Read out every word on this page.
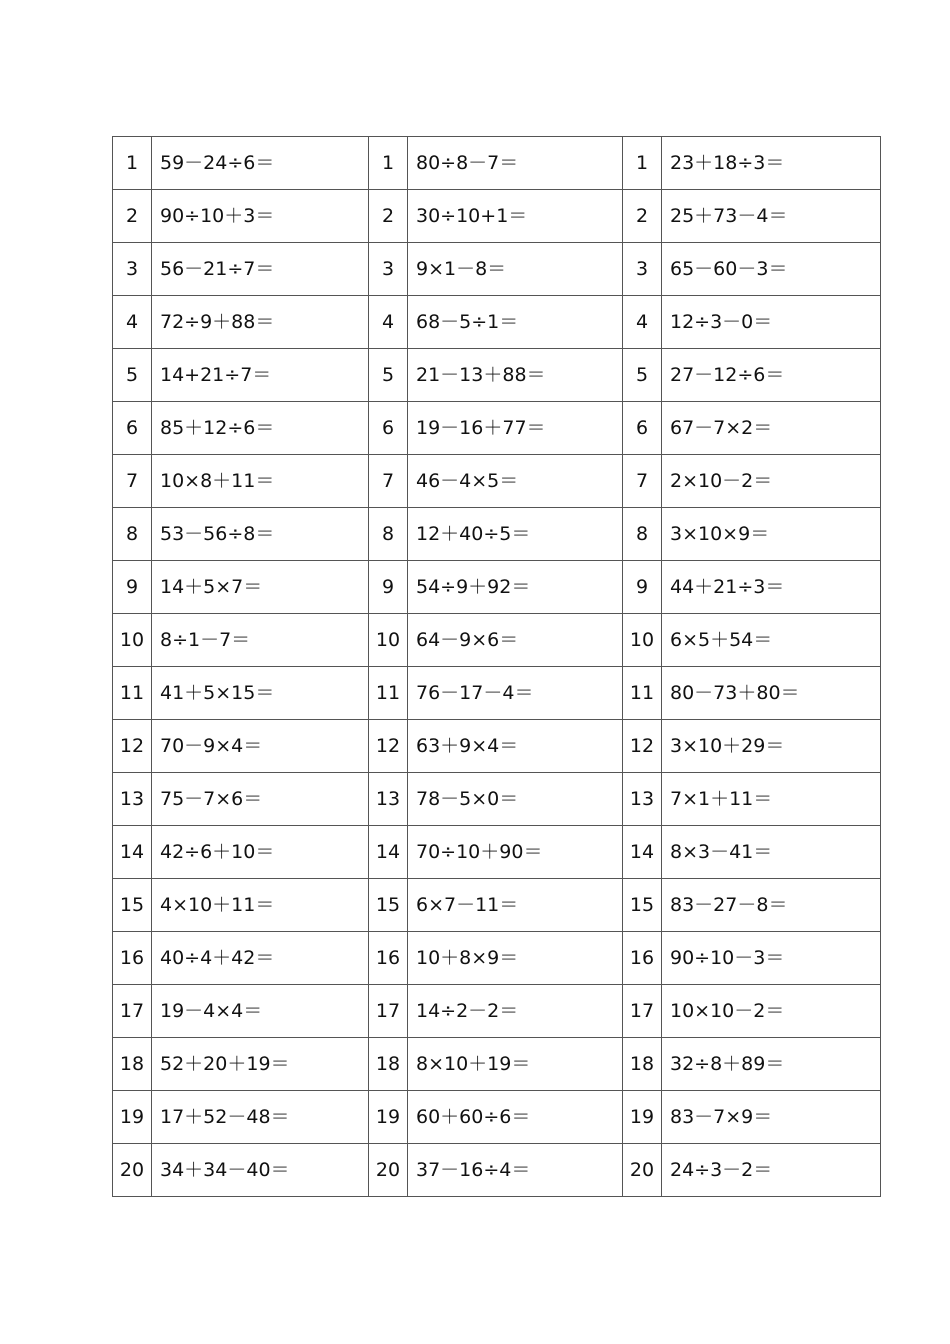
1	59－24÷6＝	1	80÷8－7＝	1	23＋18÷3＝
2	90÷10＋3＝	2	30÷10+1＝	2	25＋73－4＝
3	56－21÷7＝	3	9×1－8＝	3	65－60－3＝
4	72÷9＋88＝	4	68－5÷1＝	4	12÷3－0＝
5	14+21÷7＝	5	21－13＋88＝	5	27－12÷6＝
6	85＋12÷6＝	6	19－16＋77＝	6	67－7×2＝
7	10×8＋11＝	7	46－4×5＝	7	2×10－2＝
8	53－56÷8＝	8	12＋40÷5＝	8	3×10×9＝
9	14＋5×7＝	9	54÷9＋92＝	9	44＋21÷3＝
10	8÷1－7＝	10	64－9×6＝	10	6×5＋54＝
11	41＋5×15＝	11	76－17－4＝	11	80－73＋80＝
12	70－9×4＝	12	63＋9×4＝	12	3×10＋29＝
13	75－7×6＝	13	78－5×0＝	13	7×1＋11＝
14	42÷6＋10＝	14	70÷10＋90＝	14	8×3－41＝
15	4×10＋11＝	15	6×7－11＝	15	83－27－8＝
16	40÷4＋42＝	16	10＋8×9＝	16	90÷10－3＝
17	19－4×4＝	17	14÷2－2＝	17	10×10－2＝
18	52＋20＋19＝	18	8×10＋19＝	18	32÷8＋89＝
19	17＋52－48＝	19	60＋60÷6＝	19	83－7×9＝
20	34＋34－40＝	20	37－16÷4＝	20	24÷3－2＝
